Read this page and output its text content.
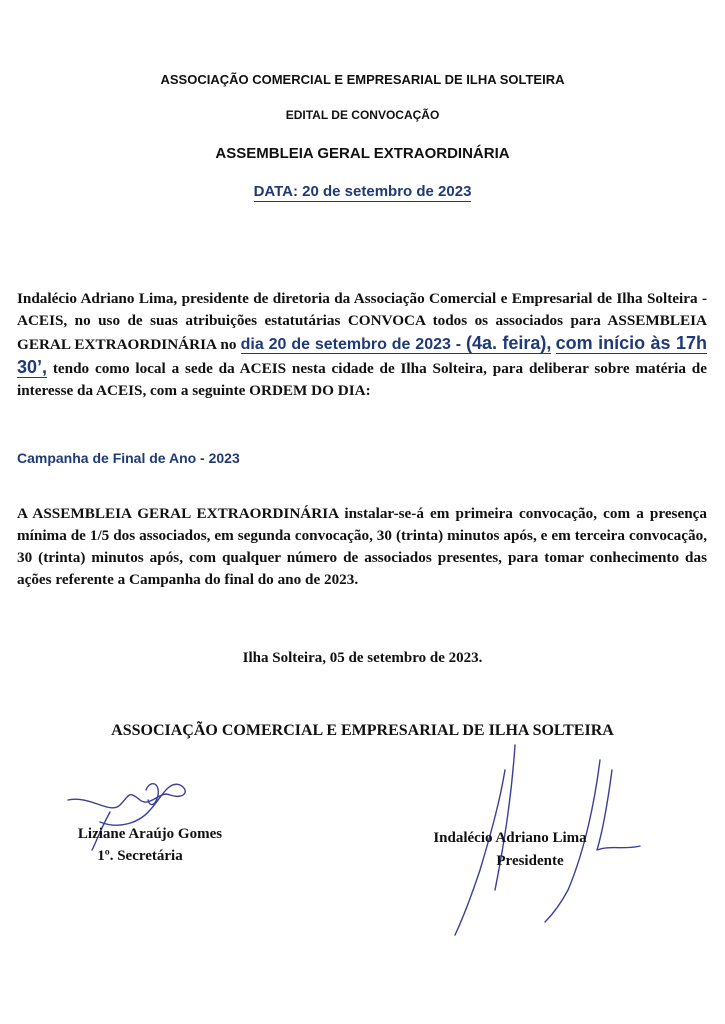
ASSOCIAÇÃO COMERCIAL E EMPRESARIAL DE ILHA SOLTEIRA
EDITAL DE CONVOCAÇÃO
ASSEMBLEIA GERAL EXTRAORDINÁRIA
DATA: 20 de setembro de 2023
Indalécio Adriano Lima, presidente de diretoria da Associação Comercial e Empresarial de Ilha Solteira - ACEIS, no uso de suas atribuições estatutárias CONVOCA todos os associados para ASSEMBLEIA GERAL EXTRAORDINÁRIA no dia 20 de setembro de 2023 - (4a. feira), com início às 17h 30’, tendo como local a sede da ACEIS nesta cidade de Ilha Solteira, para deliberar sobre matéria de interesse da ACEIS, com a seguinte ORDEM DO DIA:
Campanha de Final de Ano - 2023
A ASSEMBLEIA GERAL EXTRAORDINÁRIA instalar-se-á em primeira convocação, com a presença mínima de 1/5 dos associados, em segunda convocação, 30 (trinta) minutos após, e em terceira convocação, 30 (trinta) minutos após, com qualquer número de associados presentes, para tomar conhecimento das ações referente a Campanha do final do ano de 2023.
Ilha Solteira, 05 de setembro de 2023.
ASSOCIAÇÃO COMERCIAL E EMPRESARIAL DE ILHA SOLTEIRA
Liziane Araújo Gomes
1º. Secretária
Indalécio Adriano Lima
Presidente
